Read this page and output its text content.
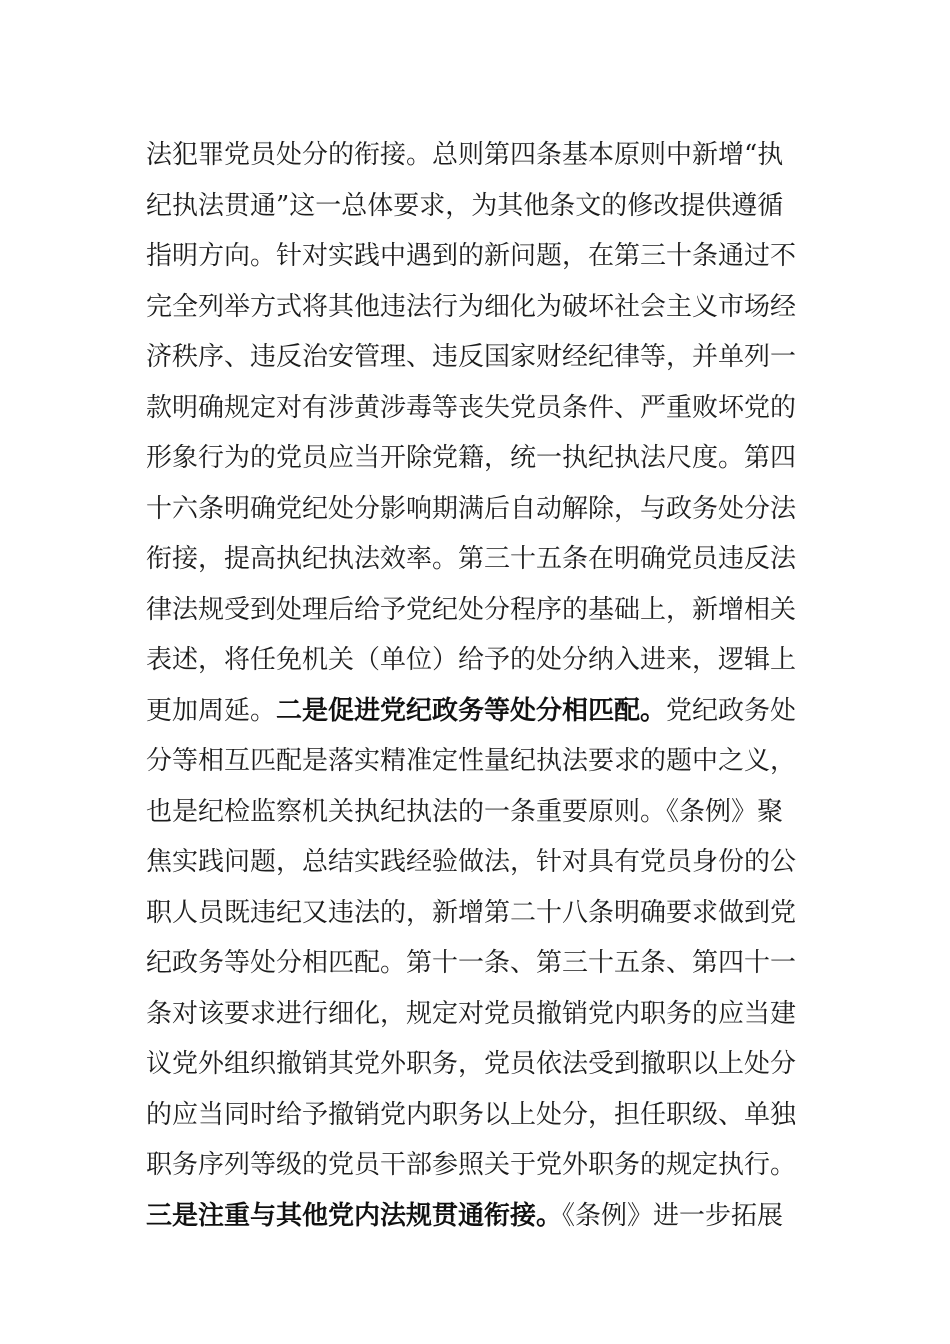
法犯罪党员处分的衔接。总则第四条基本原则中新增“执
纪执法贯通”这一总体要求，为其他条文的修改提供遵循
指明方向。针对实践中遇到的新问题，在第三十条通过不
完全列举方式将其他违法行为细化为破坏社会主义市场经
济秩序、违反治安管理、违反国家财经纪律等，并单列一
款明确规定对有涉黄涉毒等丧失党员条件、严重败坏党的
形象行为的党员应当开除党籍，统一执纪执法尺度。第四
十六条明确党纪处分影响期满后自动解除，与政务处分法
衔接，提高执纪执法效率。第三十五条在明确党员违反法
律法规受到处理后给予党纪处分程序的基础上，新增相关
表述，将任免机关（单位）给予的处分纳入进来，逻辑上
更加周延。二是促进党纪政务等处分相匹配。党纪政务处
分等相互匹配是落实精准定性量纪执法要求的题中之义，
也是纪检监察机关执纪执法的一条重要原则。《条例》聚
焦实践问题，总结实践经验做法，针对具有党员身份的公
职人员既违纪又违法的，新增第二十八条明确要求做到党
纪政务等处分相匹配。第十一条、第三十五条、第四十一
条对该要求进行细化，规定对党员撤销党内职务的应当建
议党外组织撤销其党外职务，党员依法受到撤职以上处分
的应当同时给予撤销党内职务以上处分，担任职级、单独
职务序列等级的党员干部参照关于党外职务的规定执行。
三是注重与其他党内法规贯通衔接。《条例》进一步拓展
